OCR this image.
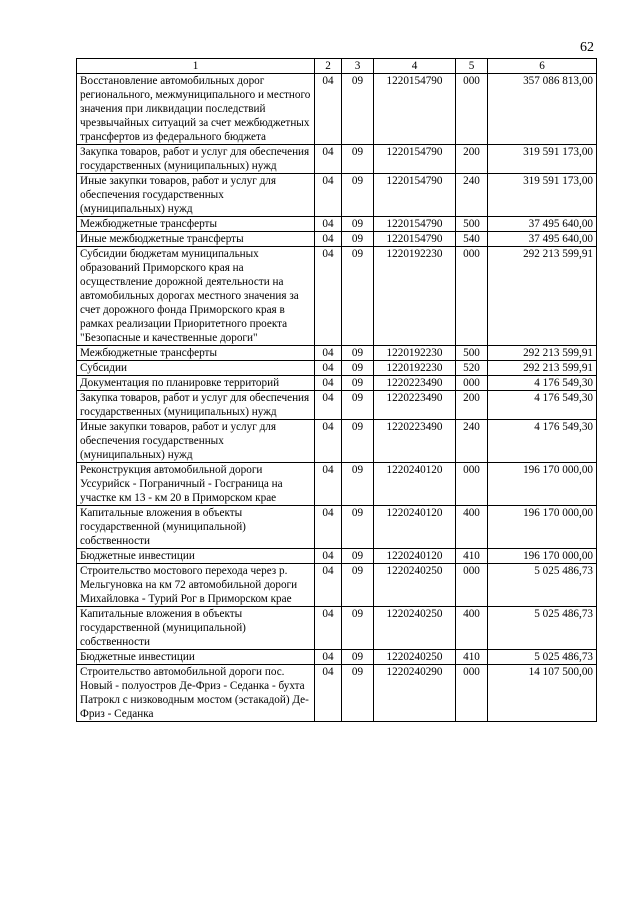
62
1	2	3	4	5	6
Восстановление автомобильных дорог регионального, межмуниципального и местного значения при ликвидации последствий чрезвычайных ситуаций за счет межбюджетных трансфертов из федерального бюджета	04	09	1220154790	000	357 086 813,00
Закупка товаров, работ и услуг для обеспечения государственных (муниципальных) нужд	04	09	1220154790	200	319 591 173,00
Иные закупки товаров, работ и услуг для обеспечения государственных (муниципальных) нужд	04	09	1220154790	240	319 591 173,00
Межбюджетные трансферты	04	09	1220154790	500	37 495 640,00
Иные межбюджетные трансферты	04	09	1220154790	540	37 495 640,00
Субсидии бюджетам муниципальных образований Приморского края на осуществление дорожной деятельности на автомобильных дорогах местного значения за счет дорожного фонда Приморского края в рамках реализации Приоритетного проекта "Безопасные и качественные дороги"	04	09	1220192230	000	292 213 599,91
Межбюджетные трансферты	04	09	1220192230	500	292 213 599,91
Субсидии	04	09	1220192230	520	292 213 599,91
Документация по планировке территорий	04	09	1220223490	000	4 176 549,30
Закупка товаров, работ и услуг для обеспечения государственных (муниципальных) нужд	04	09	1220223490	200	4 176 549,30
Иные закупки товаров, работ и услуг для обеспечения государственных (муниципальных) нужд	04	09	1220223490	240	4 176 549,30
Реконструкция автомобильной дороги Уссурийск - Пограничный - Госграница на участке км 13 - км 20 в Приморском крае	04	09	1220240120	000	196 170 000,00
Капитальные вложения в объекты государственной (муниципальной) собственности	04	09	1220240120	400	196 170 000,00
Бюджетные инвестиции	04	09	1220240120	410	196 170 000,00
Строительство мостового перехода через р. Мельгуновка на км 72 автомобильной дороги Михайловка - Турий Рог в Приморском крае	04	09	1220240250	000	5 025 486,73
Капитальные вложения в объекты государственной (муниципальной) собственности	04	09	1220240250	400	5 025 486,73
Бюджетные инвестиции	04	09	1220240250	410	5 025 486,73
Строительство автомобильной дороги пос. Новый - полуостров Де-Фриз - Седанка - бухта Патрокл с низководным мостом (эстакадой) Де-Фриз - Седанка	04	09	1220240290	000	14 107 500,00
